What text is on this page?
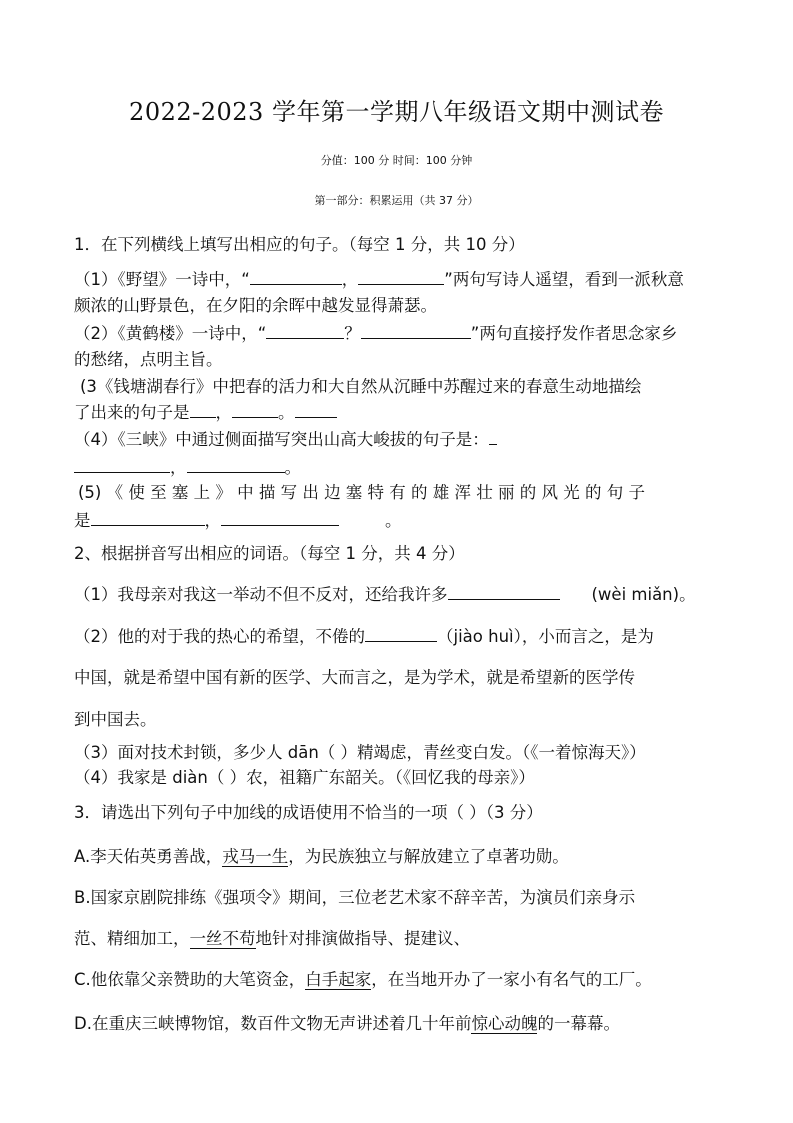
2022-2023 学年第一学期八年级语文期中测试卷
分值：100 分 时间：100 分钟
第一部分：积累运用（共 37 分）
1．在下列横线上填写出相应的句子。（每空 1 分，共 10 分）
（1）《野望》一诗中，“	，	”两句写诗人遥望，看到一派秋意
颇浓的山野景色，在夕阳的余晖中越发显得萧瑟。
（2）《黄鹤楼》一诗中，“	？	”两句直接抒发作者思念家乡
的愁绪，点明主旨。
(3《钱塘湖春行》中把春的活力和大自然从沉睡中苏醒过来的春意生动地描绘
了出来的句子是 ，	。
（4）《三峡》中通过侧面描写突出山高大峻拔的句子是：
，	。
(5) 《 使 至 塞 上 》 中 描 写 出 边 塞 特 有 的 雄 浑 壮 丽 的 风 光 的 句 子
是	，	。
2、根据拼音写出相应的词语。（每空 1 分，共 4 分）
（1）我母亲对我这一举动不但不反对，还给我许多	(wèi miǎn)。
（2）他的对于我的热心的希望，不倦的	（jiào huì），小而言之，是为
中国，就是希望中国有新的医学、大而言之，是为学术，就是希望新的医学传
到中国去。
（3）面对技术封锁，多少人 dān（ ）精竭虑，青丝变白发。（《一着惊海天》）
（4）我家是 diàn（ ）农，祖籍广东韶关。（《回忆我的母亲》）
3．请选出下列句子中加线的成语使用不恰当的一项（ ）（3 分）
A.李天佑英勇善战，戎马一生，为民族独立与解放建立了卓著功勋。
B.国家京剧院排练《强项令》期间，三位老艺术家不辞辛苦，为演员们亲身示
范、精细加工，一丝不苟地针对排演做指导、提建议、
C.他依靠父亲赞助的大笔资金，白手起家，在当地开办了一家小有名气的工厂。
D.在重庆三峡博物馆，数百件文物无声讲述着几十年前惊心动魄的一幕幕。
